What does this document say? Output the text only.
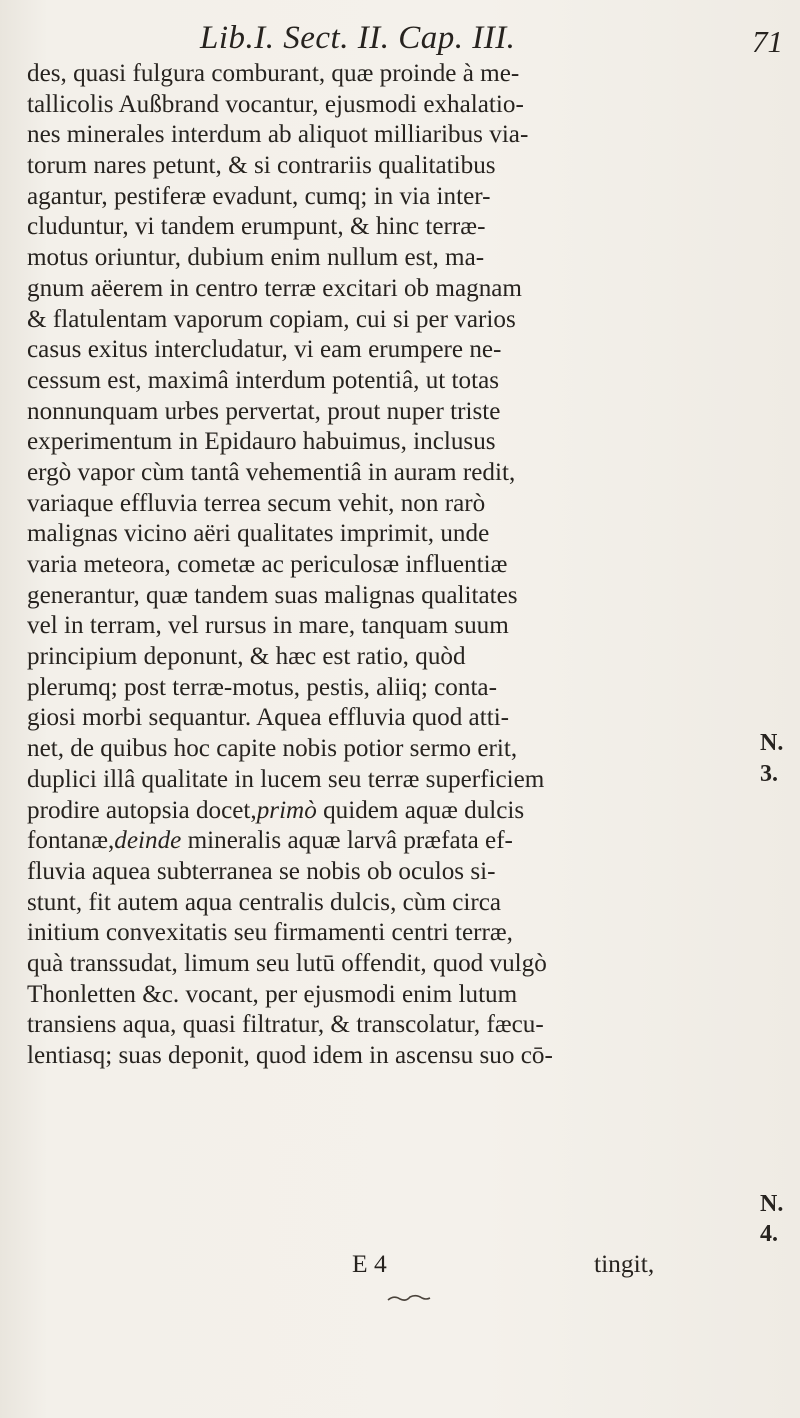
Lib.I. Sect. II. Cap. III.	71
des, quasi fulgura comburant, quæ proinde à me-
tallicolis Außbrand vocantur, ejusmodi exhalatio-
nes minerales interdum ab aliquot milliaribus via-
torum nares petunt, & si contrariis qualitatibus
agantur, pestiferæ evadunt, cumq; in via inter-
cluduntur, vi tandem erumpunt, & hinc terræ-
motus oriuntur, dubium enim nullum est, ma-
gnum aëerem in centro terræ excitari ob magnam
& flatulentam vaporum copiam, cui si per varios
casus exitus intercludatur, vi eam erumpere ne-
cessum est, maximâ interdum potentiâ, ut totas
nonnunquam urbes pervertat, prout nuper triste
experimentum in Epidauro habuimus, inclusus
ergò vapor cùm tantâ vehementiâ in auram redit,
variaque effluvia terrea secum vehit, non rarò
malignas vicino aëri qualitates imprimit, unde
varia meteora, cometæ ac periculosæ influentiæ
generantur, quæ tandem suas malignas qualitates
vel in terram, vel rursus in mare, tanquam suum
principium deponunt, & hæc est ratio, quòd
plerumq; post terræ-motus, pestis, aliiq; conta-
giosi morbi sequantur. Aquea effluvia quod atti-
net, de quibus hoc capite nobis potior sermo erit,
duplici illâ qualitate in lucem seu terræ superficiem
prodire autopsia docet,primò quidem aquæ dulcis
fontanæ,deinde mineralis aquæ larvâ præfata ef-
fluvia aquea subterranea se nobis ob oculos si-
stunt, fit autem aqua centralis dulcis, cùm circa
initium convexitatis seu firmamenti centri terræ,
quà transsudat, limum seu lutū offendit, quod vulgò
Thonletten &c. vocant, per ejusmodi enim lutum
transiens aqua, quasi filtratur, & transcolatur, fæcu-
lentiasq; suas deponit, quod idem in ascensu suo cō-
N.
3.
N.
4.
E 4	tingit,
